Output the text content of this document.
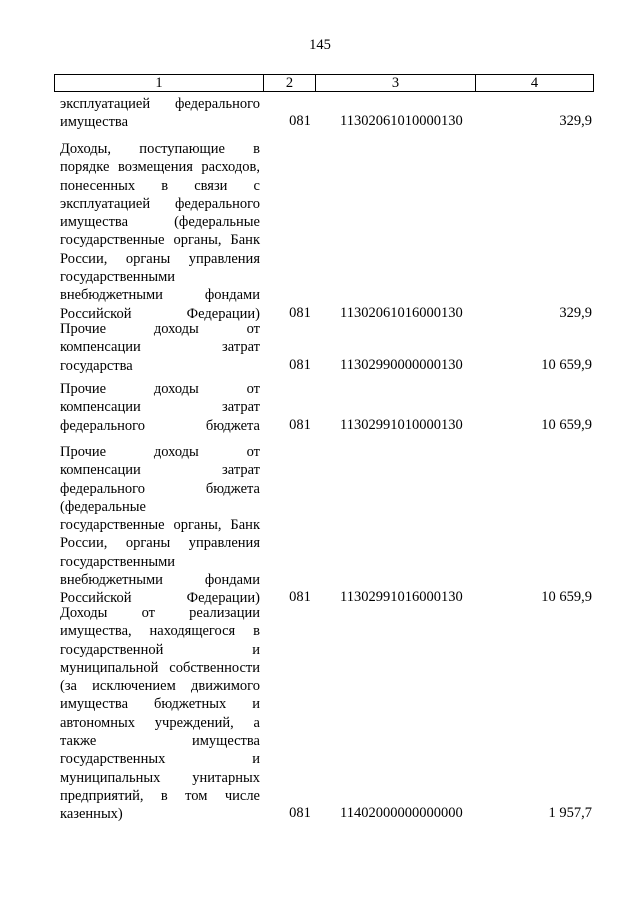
145
1	2	3	4
эксплуатацией федерального
имущества	081	11302061010000130	329,9
Доходы, поступающие в
порядке возмещения расходов,
понесенных в связи с
эксплуатацией федерального
имущества (федеральные
государственные органы, Банк
России, органы управления
государственными
внебюджетными фондами
Российской Федерации)	081	11302061016000130	329,9
Прочие доходы от
компенсации затрат
государства	081	11302990000000130	10 659,9
Прочие доходы от
компенсации затрат
федерального бюджета	081	11302991010000130	10 659,9
Прочие доходы от
компенсации затрат
федерального бюджета
(федеральные
государственные органы, Банк
России, органы управления
государственными
внебюджетными фондами
Российской Федерации)	081	11302991016000130	10 659,9
Доходы от реализации
имущества, находящегося в
государственной и
муниципальной собственности
(за исключением движимого
имущества бюджетных и
автономных учреждений, а
также имущества
государственных и
муниципальных унитарных
предприятий, в том числе
казенных)	081	11402000000000000	1 957,7
